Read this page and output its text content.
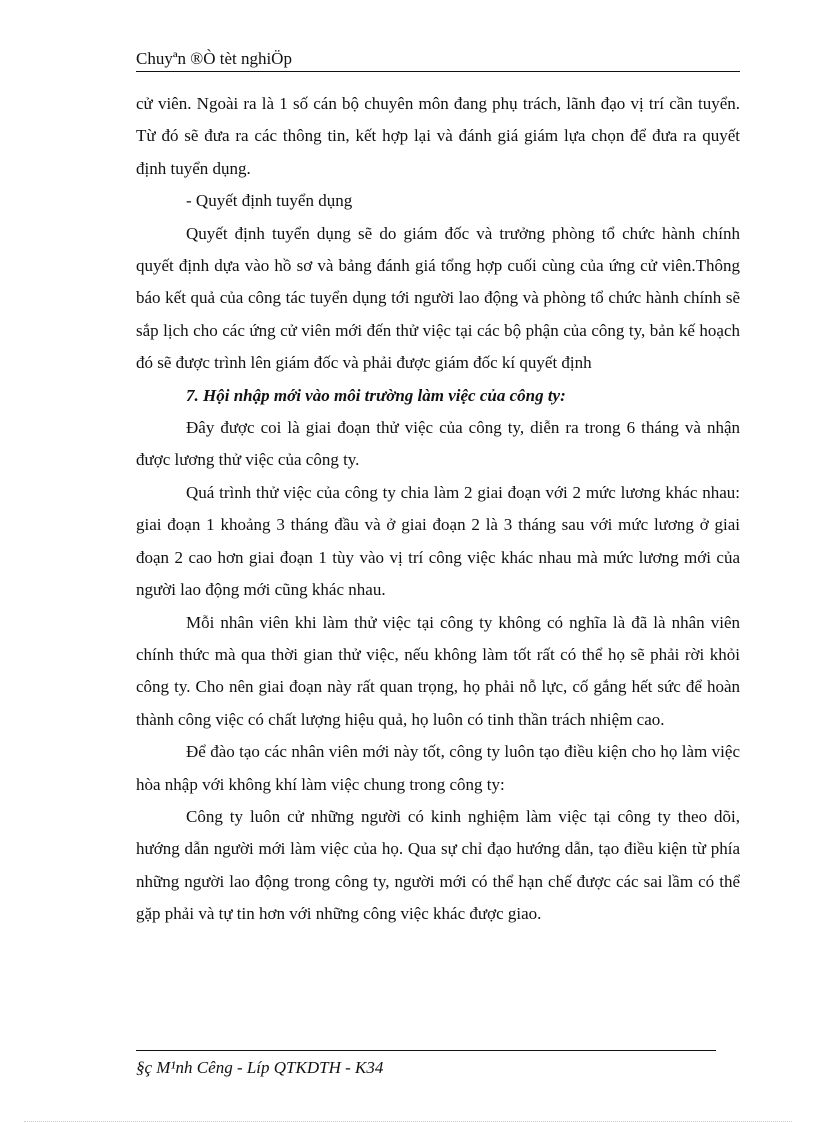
Chuyªn ®Ò tèt nghiÖp

cử viên. Ngoài ra là 1 số cán bộ chuyên môn đang phụ trách, lãnh đạo vị trí cần tuyển. Từ đó sẽ đưa ra các thông tin, kết hợp lại và đánh giá giám lựa chọn để đưa ra quyết định tuyển dụng.

- Quyết định tuyển dụng

Quyết định tuyển dụng sẽ do giám đốc và trưởng phòng tổ chức hành chính quyết định dựa vào hồ sơ và bảng đánh giá tổng hợp cuối cùng của ứng cử viên.Thông báo kết quả của công tác tuyển dụng tới người lao động và phòng tổ chức hành chính sẽ sắp lịch cho các ứng cử viên mới đến thử việc tại các bộ phận của công ty, bản kế hoạch đó sẽ được trình lên giám đốc và phải được giám đốc kí quyết định

7. Hội nhập mới vào môi trường làm việc của công ty:

Đây được coi là giai đoạn thử việc của công ty, diễn ra trong 6 tháng và nhận được lương thử việc của công ty.

Quá trình thử việc của công ty chia làm 2 giai đoạn với 2 mức lương khác nhau: giai đoạn 1 khoảng 3 tháng đầu và ở giai đoạn 2 là 3 tháng sau với mức lương ở giai đoạn 2 cao hơn giai đoạn 1 tùy vào vị trí công việc khác nhau mà mức lương mới của người lao động mới cũng khác nhau.

Mỗi nhân viên khi làm thử việc tại công ty không có nghĩa là đã là nhân viên chính thức mà qua thời gian thử việc, nếu không làm tốt rất có thể họ sẽ phải rời khỏi công ty. Cho nên giai đoạn này rất quan trọng, họ phải nỗ lực, cố gắng hết sức để hoàn thành công việc có chất lượng hiệu quả, họ luôn có tinh thần trách nhiệm cao.

Để đào tạo các nhân viên mới này tốt, công ty luôn tạo điều kiện cho họ làm việc hòa nhập với không khí làm việc chung trong công ty:

Công ty luôn cử những người có kinh nghiệm làm việc tại công ty theo dõi, hướng dẫn người mới làm việc của họ. Qua sự chỉ đạo hướng dẫn, tạo điều kiện từ phía những người lao động trong công ty, người mới có thể hạn chế được các sai lầm có thể gặp phải và tự tin hơn với những công việc khác được giao.

§ç M¹nh Cêng - Líp QTKDTH - K34
